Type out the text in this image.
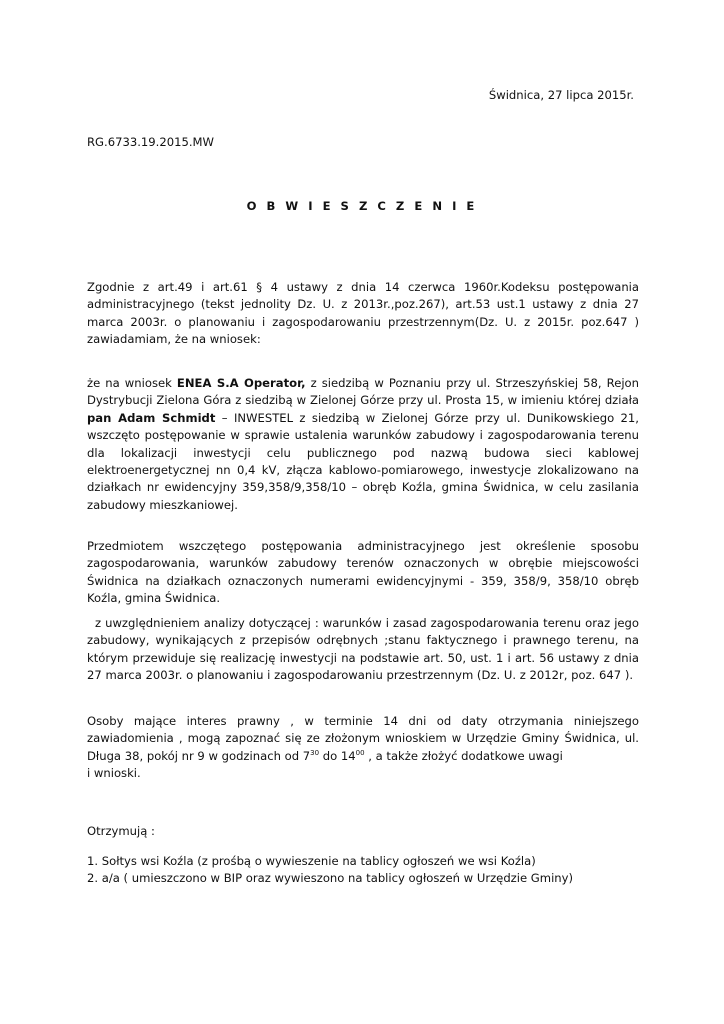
Świdnica, 27 lipca 2015r.
RG.6733.19.2015.MW
O B W I E S Z C Z E N I E
Zgodnie z art.49 i art.61 § 4 ustawy z dnia 14 czerwca 1960r.Kodeksu postępowania administracyjnego (tekst jednolity Dz. U. z 2013r.,poz.267), art.53 ust.1 ustawy z dnia 27 marca 2003r. o planowaniu i zagospodarowaniu przestrzennym(Dz. U. z 2015r. poz.647 ) zawiadamiam, że na wniosek:
że na wniosek ENEA S.A Operator, z siedzibą w Poznaniu przy ul. Strzeszyńskiej 58, Rejon Dystrybucji Zielona Góra z siedzibą w Zielonej Górze przy ul. Prosta 15, w imieniu której działa pan Adam Schmidt – INWESTEL z siedzibą w Zielonej Górze przy ul. Dunikowskiego 21, wszczęto postępowanie w sprawie ustalenia warunków zabudowy i zagospodarowania terenu dla lokalizacji inwestycji celu publicznego pod nazwą budowa sieci kablowej elektroenergetycznej nn 0,4 kV, złącza kablowo-pomiarowego, inwestycje zlokalizowano na działkach nr ewidencyjny 359,358/9,358/10 – obręb Koźla, gmina Świdnica, w celu zasilania zabudowy mieszkaniowej.
Przedmiotem wszczętego postępowania administracyjnego jest określenie sposobu zagospodarowania, warunków zabudowy terenów oznaczonych w obrębie miejscowości Świdnica na działkach oznaczonych numerami ewidencyjnymi - 359, 358/9, 358/10 obręb Koźla, gmina Świdnica.
z uwzględnieniem analizy dotyczącej : warunków i zasad zagospodarowania terenu oraz jego zabudowy, wynikających z przepisów odrębnych ;stanu faktycznego i prawnego terenu, na którym przewiduje się realizację inwestycji na podstawie art. 50, ust. 1 i art. 56 ustawy z dnia 27 marca 2003r. o planowaniu i zagospodarowaniu przestrzennym (Dz. U. z 2012r, poz. 647 ).
Osoby mające interes prawny , w terminie 14 dni od daty otrzymania niniejszego zawiadomienia , mogą zapoznać się ze złożonym wnioskiem w Urzędzie Gminy Świdnica, ul. Długa 38, pokój nr 9 w godzinach od $7^{30}$ do $14^{00}$ , a także złożyć dodatkowe uwagi
i wnioski.
Otrzymują :
1. Sołtys wsi Koźla (z prośbą o wywieszenie na tablicy ogłoszeń we wsi Koźla)
2. a/a ( umieszczono w BIP oraz wywieszono na tablicy ogłoszeń w Urzędzie Gminy)
